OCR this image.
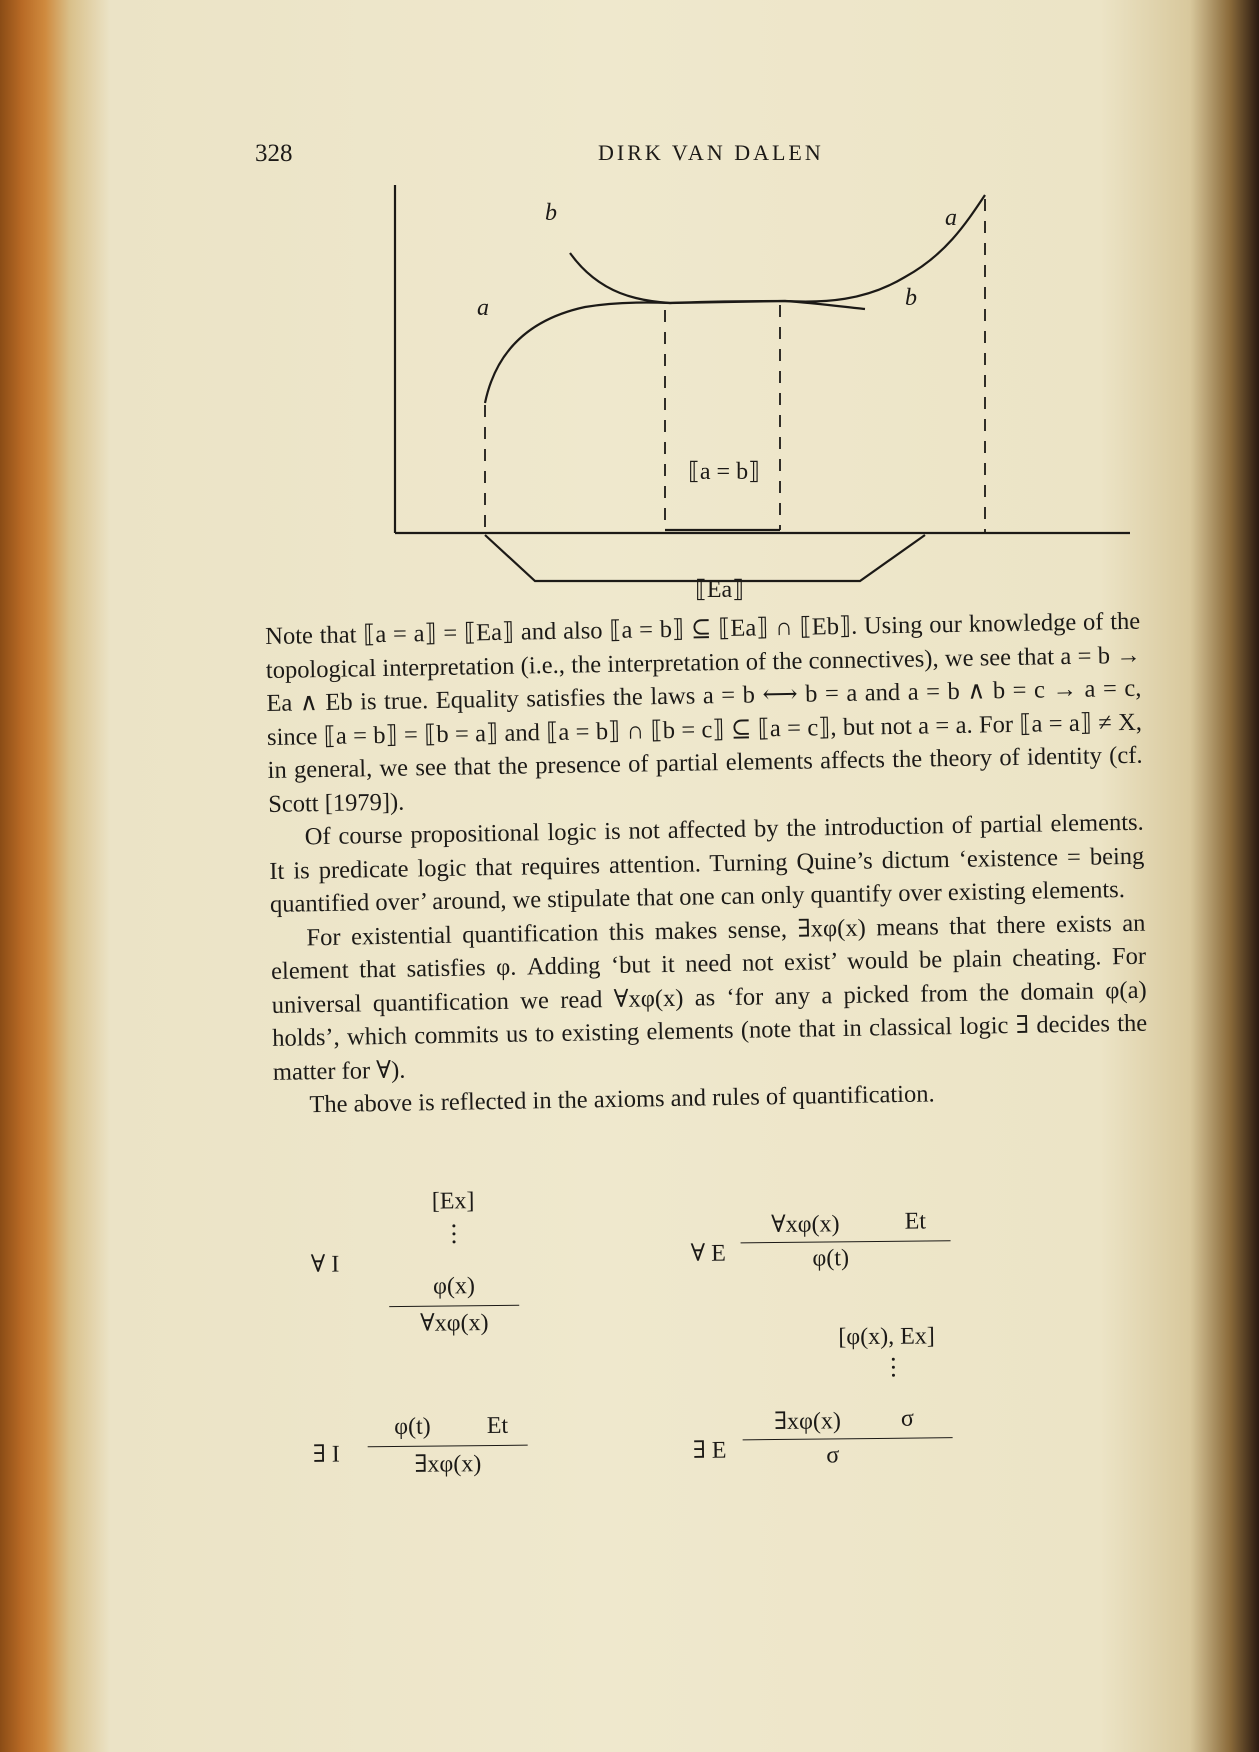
328	DIRK VAN DALEN
b	a
a	b
⟦a = b⟧
⟦Ea⟧

Note that ⟦a = a⟧ = ⟦Ea⟧ and also ⟦a = b⟧ ⊆ ⟦Ea⟧ ∩ ⟦Eb⟧. Using our knowledge of the topological interpretation (i.e., the interpretation of the connectives), we see that a = b → Ea ∧ Eb is true. Equality satisfies the laws a = b ⟷ b = a and a = b ∧ b = c → a = c, since ⟦a = b⟧ = ⟦b = a⟧ and ⟦a = b⟧ ∩ ⟦b = c⟧ ⊆ ⟦a = c⟧, but not a = a. For ⟦a = a⟧ ≠ X, in general, we see that the presence of partial elements affects the theory of identity (cf. Scott [1979]).

Of course propositional logic is not affected by the introduction of partial elements. It is predicate logic that requires attention. Turning Quine’s dictum ‘existence = being quantified over’ around, we stipulate that one can only quantify over existing elements.

For existential quantification this makes sense, ∃xφ(x) means that there exists an element that satisfies φ. Adding ‘but it need not exist’ would be plain cheating. For universal quantification we read ∀xφ(x) as ‘for any a picked from the domain φ(a) holds’, which commits us to existing elements (note that in classical logic ∃ decides the matter for ∀).

The above is reflected in the axioms and rules of quantification.

∀ I
[Ex]
φ(x)
∀xφ(x)
∀ E
∀xφ(x)	Et
φ(t)
[φ(x), Ex]
∃ E
∃xφ(x)	σ
σ
∃ I
φ(t)	Et
∃xφ(x)
